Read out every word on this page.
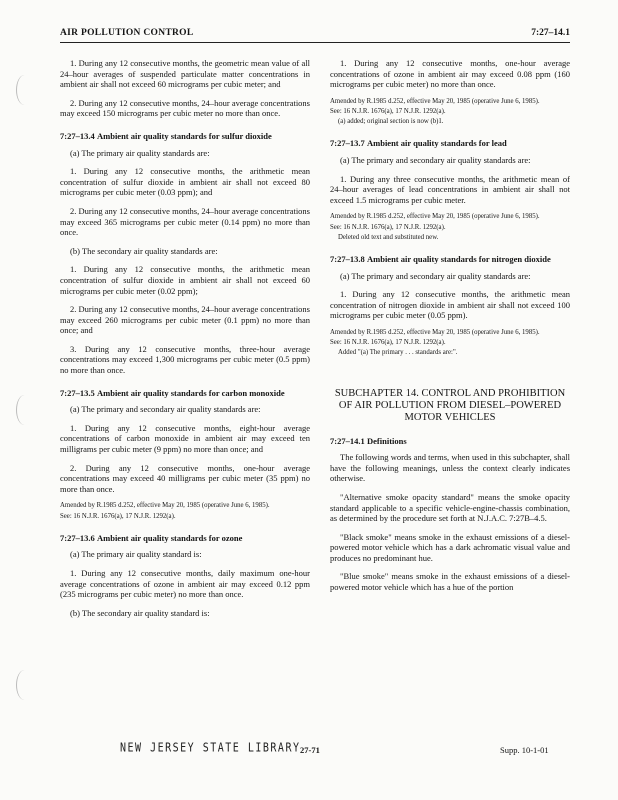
AIR POLLUTION CONTROL	7:27–14.1

1. During any 12 consecutive months, the geometric mean value of all 24–hour averages of suspended particulate matter concentrations in ambient air shall not exceed 60 micrograms per cubic meter; and

2. During any 12 consecutive months, 24–hour average concentrations may exceed 150 micrograms per cubic meter no more than once.

7:27–13.4 Ambient air quality standards for sulfur dioxide

(a) The primary air quality standards are:

1. During any 12 consecutive months, the arithmetic mean concentration of sulfur dioxide in ambient air shall not exceed 80 micrograms per cubic meter (0.03 ppm); and

2. During any 12 consecutive months, 24–hour average concentrations may exceed 365 micrograms per cubic meter (0.14 ppm) no more than once.

(b) The secondary air quality standards are:

1. During any 12 consecutive months, the arithmetic mean concentration of sulfur dioxide in ambient air shall not exceed 60 micrograms per cubic meter (0.02 ppm);

2. During any 12 consecutive months, 24–hour average concentrations may exceed 260 micrograms per cubic meter (0.1 ppm) no more than once; and

3. During any 12 consecutive months, three-hour average concentrations may exceed 1,300 micrograms per cubic meter (0.5 ppm) no more than once.

7:27–13.5 Ambient air quality standards for carbon monoxide

(a) The primary and secondary air quality standards are:

1. During any 12 consecutive months, eight-hour average concentrations of carbon monoxide in ambient air may exceed ten milligrams per cubic meter (9 ppm) no more than once; and

2. During any 12 consecutive months, one-hour average concentrations may exceed 40 milligrams per cubic meter (35 ppm) no more than once.

Amended by R.1985 d.252, effective May 20, 1985 (operative June 6, 1985).

See: 16 N.J.R. 1676(a), 17 N.J.R. 1292(a).

7:27–13.6 Ambient air quality standards for ozone

(a) The primary air quality standard is:

1. During any 12 consecutive months, daily maximum one-hour average concentrations of ozone in ambient air may exceed 0.12 ppm (235 micrograms per cubic meter) no more than once.

(b) The secondary air quality standard is:

1. During any 12 consecutive months, one-hour average concentrations of ozone in ambient air may exceed 0.08 ppm (160 micrograms per cubic meter) no more than once.

Amended by R.1985 d.252, effective May 20, 1985 (operative June 6, 1985).

See: 16 N.J.R. 1676(a), 17 N.J.R. 1292(a).

(a) added; original section is now (b)1.

7:27–13.7 Ambient air quality standards for lead

(a) The primary and secondary air quality standards are:

1. During any three consecutive months, the arithmetic mean of 24–hour averages of lead concentrations in ambient air shall not exceed 1.5 micrograms per cubic meter.

Amended by R.1985 d.252, effective May 20, 1985 (operative June 6, 1985).

See: 16 N.J.R. 1676(a), 17 N.J.R. 1292(a).

Deleted old text and substituted new.

7:27–13.8 Ambient air quality standards for nitrogen dioxide

(a) The primary and secondary air quality standards are:

1. During any 12 consecutive months, the arithmetic mean concentration of nitrogen dioxide in ambient air shall not exceed 100 micrograms per cubic meter (0.05 ppm).

Amended by R.1985 d.252, effective May 20, 1985 (operative June 6, 1985).

See: 16 N.J.R. 1676(a), 17 N.J.R. 1292(a).

Added "(a) The primary . . . standards are:".

SUBCHAPTER 14. CONTROL AND PROHIBITION OF AIR POLLUTION FROM DIESEL–POWERED MOTOR VEHICLES
7:27–14.1 Definitions

The following words and terms, when used in this subchapter, shall have the following meanings, unless the context clearly indicates otherwise.

"Alternative smoke opacity standard" means the smoke opacity standard applicable to a specific vehicle-engine-chassis combination, as determined by the procedure set forth at N.J.A.C. 7:27B–4.5.

"Black smoke" means smoke in the exhaust emissions of a diesel-powered motor vehicle which has a dark achromatic visual value and produces no predominant hue.

"Blue smoke" means smoke in the exhaust emissions of a diesel-powered motor vehicle which has a hue of the portion

NEW JERSEY STATE LIBRARY 27-71	Supp. 10-1-01
